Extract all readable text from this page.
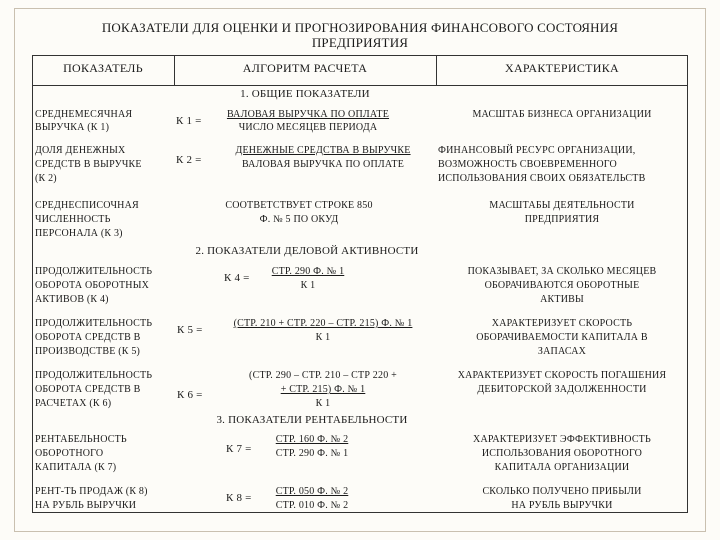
ПОКАЗАТЕЛИ ДЛЯ ОЦЕНКИ И ПРОГНОЗИРОВАНИЯ ФИНАНСОВОГО СОСТОЯНИЯ
ПРЕДПРИЯТИЯ
ПОКАЗАТЕЛЬ	АЛГОРИТМ РАСЧЕТА	ХАРАКТЕРИСТИКА
1. ОБЩИЕ ПОКАЗАТЕЛИ
СРЕДНЕМЕСЯЧНАЯ
ВЫРУЧКА (К 1)
К 1 =
ВАЛОВАЯ ВЫРУЧКА ПО ОПЛАТЕ
ЧИСЛО МЕСЯЦЕВ ПЕРИОДА
МАСШТАБ БИЗНЕСА ОРГАНИЗАЦИИ
ДОЛЯ ДЕНЕЖНЫХ
СРЕДСТВ В ВЫРУЧКЕ
(К 2)
К 2 =
ДЕНЕЖНЫЕ СРЕДСТВА В ВЫРУЧКЕ
ВАЛОВАЯ ВЫРУЧКА ПО ОПЛАТЕ
ФИНАНСОВЫЙ РЕСУРС ОРГАНИЗАЦИИ,
ВОЗМОЖНОСТЬ СВОЕВРЕМЕННОГО
ИСПОЛЬЗОВАНИЯ СВОИХ ОБЯЗАТЕЛЬСТВ
СРЕДНЕСПИСОЧНАЯ
ЧИСЛЕННОСТЬ
ПЕРСОНАЛА (К 3)
СООТВЕТСТВУЕТ СТРОКЕ 850
Ф. № 5 ПО ОКУД
МАСШТАБЫ ДЕЯТЕЛЬНОСТИ
ПРЕДПРИЯТИЯ
2. ПОКАЗАТЕЛИ ДЕЛОВОЙ АКТИВНОСТИ
ПРОДОЛЖИТЕЛЬНОСТЬ
ОБОРОТА ОБОРОТНЫХ
АКТИВОВ (К 4)
К 4 =
СТР. 290 Ф. № 1
К 1
ПОКАЗЫВАЕТ, ЗА СКОЛЬКО МЕСЯЦЕВ
ОБОРАЧИВАЮТСЯ ОБОРОТНЫЕ
АКТИВЫ
ПРОДОЛЖИТЕЛЬНОСТЬ
ОБОРОТА СРЕДСТВ В
ПРОИЗВОДСТВЕ (К 5)
К 5 =
(СТР. 210 + СТР. 220 – СТР. 215) Ф. № 1
К 1
ХАРАКТЕРИЗУЕТ СКОРОСТЬ
ОБОРАЧИВАЕМОСТИ КАПИТАЛА В
ЗАПАСАХ
ПРОДОЛЖИТЕЛЬНОСТЬ
ОБОРОТА СРЕДСТВ В
РАСЧЕТАХ (К 6)
К 6 =
(СТР. 290 – СТР. 210 – СТР 220 +
+ СТР. 215) Ф. № 1
К 1
ХАРАКТЕРИЗУЕТ СКОРОСТЬ ПОГАШЕНИЯ
ДЕБИТОРСКОЙ ЗАДОЛЖЕННОСТИ
3. ПОКАЗАТЕЛИ РЕНТАБЕЛЬНОСТИ
РЕНТАБЕЛЬНОСТЬ
ОБОРОТНОГО
КАПИТАЛА (К 7)
К 7 =
СТР. 160 Ф. № 2
СТР. 290 Ф. № 1
ХАРАКТЕРИЗУЕТ ЭФФЕКТИВНОСТЬ
ИСПОЛЬЗОВАНИЯ ОБОРОТНОГО
КАПИТАЛА ОРГАНИЗАЦИИ
РЕНТ-ТЬ ПРОДАЖ (К 8)
НА РУБЛЬ ВЫРУЧКИ
К 8 =
СТР. 050 Ф. № 2
СТР. 010 Ф. № 2
СКОЛЬКО ПОЛУЧЕНО ПРИБЫЛИ
НА РУБЛЬ ВЫРУЧКИ
